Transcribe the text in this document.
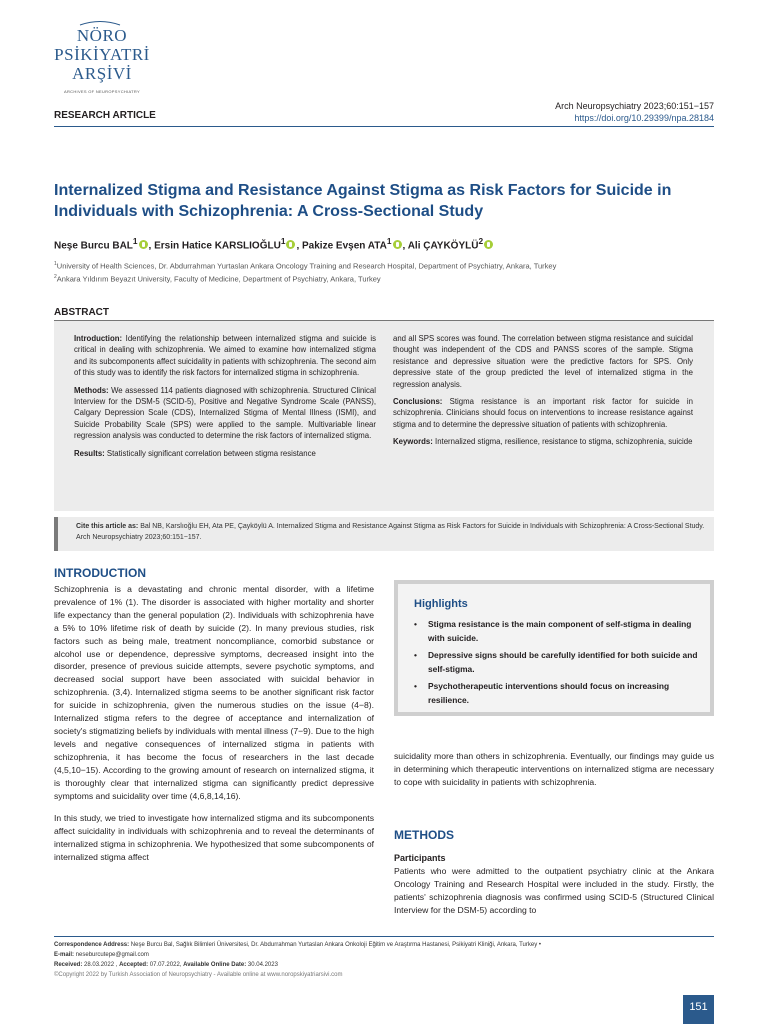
NÖRO
PSİKİYATRİ
ARŞİVİ
ARCHIVES OF NEUROPSYCHIATRY
RESEARCH ARTICLE
Arch Neuropsychiatry 2023;60:151−157
https://doi.org/10.29399/npa.28184
Internalized Stigma and Resistance Against Stigma as Risk Factors for Suicide in Individuals with Schizophrenia: A Cross-Sectional Study
Neşe Burcu BAL$^1$ , Ersin Hatice KARSLIOĞLU$^1$ , Pakize Evşen ATA$^1$ , Ali ÇAYKÖYLÜ$^2$
$^1$University of Health Sciences, Dr. Abdurrahman Yurtaslan Ankara Oncology Training and Research Hospital, Department of Psychiatry, Ankara, Turkey
$^2$Ankara Yıldırım Beyazıt University, Faculty of Medicine, Department of Psychiatry, Ankara, Turkey
ABSTRACT

Introduction: Identifying the relationship between internalized stigma and suicide is critical in dealing with schizophrenia. We aimed to examine how internalized stigma and its subcomponents affect suicidality in patients with schizophrenia. The second aim of this study was to identify the risk factors for internalized stigma in schizophrenia.

Methods: We assessed 114 patients diagnosed with schizophrenia. Structured Clinical Interview for the DSM-5 (SCID-5), Positive and Negative Syndrome Scale (PANSS), Calgary Depression Scale (CDS), Internalized Stigma of Mental Illness (ISMI), and Suicide Probability Scale (SPS) were applied to the sample. Multivariable linear regression analysis was conducted to determine the risk factors of internalized stigma.

Results: Statistically significant correlation between stigma resistance

and all SPS scores was found. The correlation between stigma resistance and suicidal thought was independent of the CDS and PANSS scores of the sample. Stigma resistance and depressive situation were the predictive factors for SPS. Only depressive state of the group predicted the level of internalized stigma in the regression analysis.

Conclusions: Stigma resistance is an important risk factor for suicide in schizophrenia. Clinicians should focus on interventions to increase resistance against stigma and to determine the depressive situation of patients with schizophrenia.

Keywords: Internalized stigma, resilience, resistance to stigma, schizophrenia, suicide

Cite this article as: Bal NB, Karslıoğlu EH, Ata PE, Çayköylü A. Internalized Stigma and Resistance Against Stigma as Risk Factors for Suicide in Individuals with Schizophrenia: A Cross-Sectional Study. Arch Neuropsychiatry 2023;60:151−157.
INTRODUCTION

Schizophrenia is a devastating and chronic mental disorder, with a lifetime prevalence of 1% (1). The disorder is associated with higher mortality and shorter life expectancy than the general population (2). Individuals with schizophrenia have a 5% to 10% lifetime risk of death by suicide (2). In many previous studies, risk factors such as being male, treatment noncompliance, comorbid substance or alcohol use or dependence, depressive symptoms, decreased insight into the disorder, presence of previous suicide attempts, severe psychotic symptoms, and decreased social support have been associated with suicidal behavior in schizophrenia. (3,4). Internalized stigma seems to be another significant risk factor for suicide in schizophrenia, given the numerous studies on the issue (4−8). Internalized stigma refers to the degree of acceptance and internalization of society's stigmatizing beliefs by individuals with mental illness (7−9). Due to the high levels and negative consequences of internalized stigma in patients with schizophrenia, it has become the focus of researchers in the last decade (4,5,10−15). According to the growing amount of research on internalized stigma, it is thoroughly clear that internalized stigma can significantly predict depressive symptoms and suicidality over time (4,6,8,14,16).

In this study, we tried to investigate how internalized stigma and its subcomponents affect suicidality in individuals with schizophrenia and to reveal the determinants of internalized stigma in schizophrenia. We hypothesized that some subcomponents of internalized stigma affect

Highlights
• Stigma resistance is the main component of self-stigma in dealing with suicide.
• Depressive signs should be carefully identified for both suicide and self-stigma.
• Psychotherapeutic interventions should focus on increasing resilience.

suicidality more than others in schizophrenia. Eventually, our findings may guide us in determining which therapeutic interventions on internalized stigma are necessary to cope with suicidality in patients with schizophrenia.

METHODS
Participants

Patients who were admitted to the outpatient psychiatry clinic at the Ankara Oncology Training and Research Hospital were included in the study. Firstly, the patients' schizophrenia diagnosis was confirmed using SCID-5 (Structured Clinical Interview for the DSM-5) according to

Correspondence Address: Neşe Burcu Bal, Sağlık Bilimleri Üniversitesi, Dr. Abdurrahman Yurtaslan Ankara Onkoloji Eğitim ve Araştırma Hastanesi, Psikiyatri Kliniği, Ankara, Turkey •
E-mail: neseburcutepe@gmail.com
Received: 28.03.2022 , Accepted: 07.07.2022, Available Online Date: 30.04.2023
©Copyright 2022 by Turkish Association of Neuropsychiatry - Available online at www.noropskiyatriarsivi.com
151
